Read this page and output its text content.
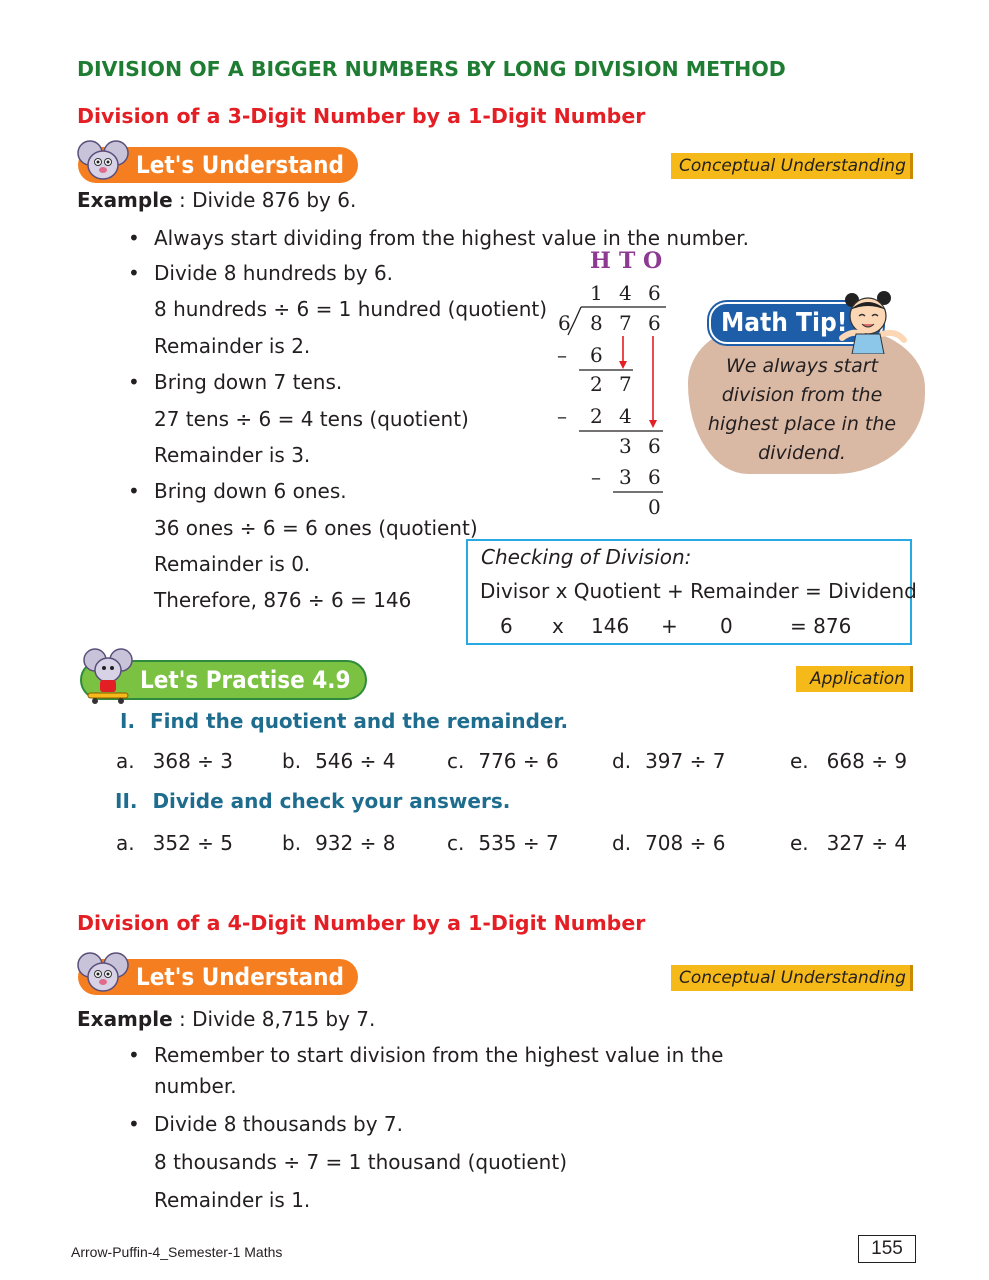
DIVISION OF A BIGGER NUMBERS BY LONG DIVISION METHOD
Division of a 3-Digit Number by a 1-Digit Number
Let's Understand	Conceptual Understanding
Example : Divide 876 by 6.
• Always start dividing from the highest value in the number.
• Divide 8 hundreds by 6.
8 hundreds ÷ 6 = 1 hundred (quotient)
Remainder is 2.
• Bring down 7 tens.
27 tens ÷ 6 = 4 tens (quotient)
Remainder is 3.
• Bring down 6 ones.
36 ones ÷ 6 = 6 ones (quotient)
Remainder is 0.
Therefore, 876 ÷ 6 = 146
H T O
1 4 6
6 8 7 6
– 6
2 7
– 2 4
3 6
– 3 6
0
We always start division from the highest place in the dividend.
Math Tip!
Checking of Division:
Divisor x Quotient + Remainder = Dividend
6 x 146 + 0	= 876
Let's Practise 4.9	Application
I. Find the quotient and the remainder.
a. 368 ÷ 3 b. 546 ÷ 4	c. 776 ÷ 6	d. 397 ÷ 7	e. 668 ÷ 9
II. Divide and check your answers.
a. 352 ÷ 5 b. 932 ÷ 8	c. 535 ÷ 7	d. 708 ÷ 6	e. 327 ÷ 4
Division of a 4-Digit Number by a 1-Digit Number
Let's Understand	Conceptual Understanding
Example : Divide 8,715 by 7.
• Remember to start division from the highest value in the
number.
• Divide 8 thousands by 7.
8 thousands ÷ 7 = 1 thousand (quotient)
Remainder is 1.
Arrow-Puffin-4_Semester-1 Maths	155
